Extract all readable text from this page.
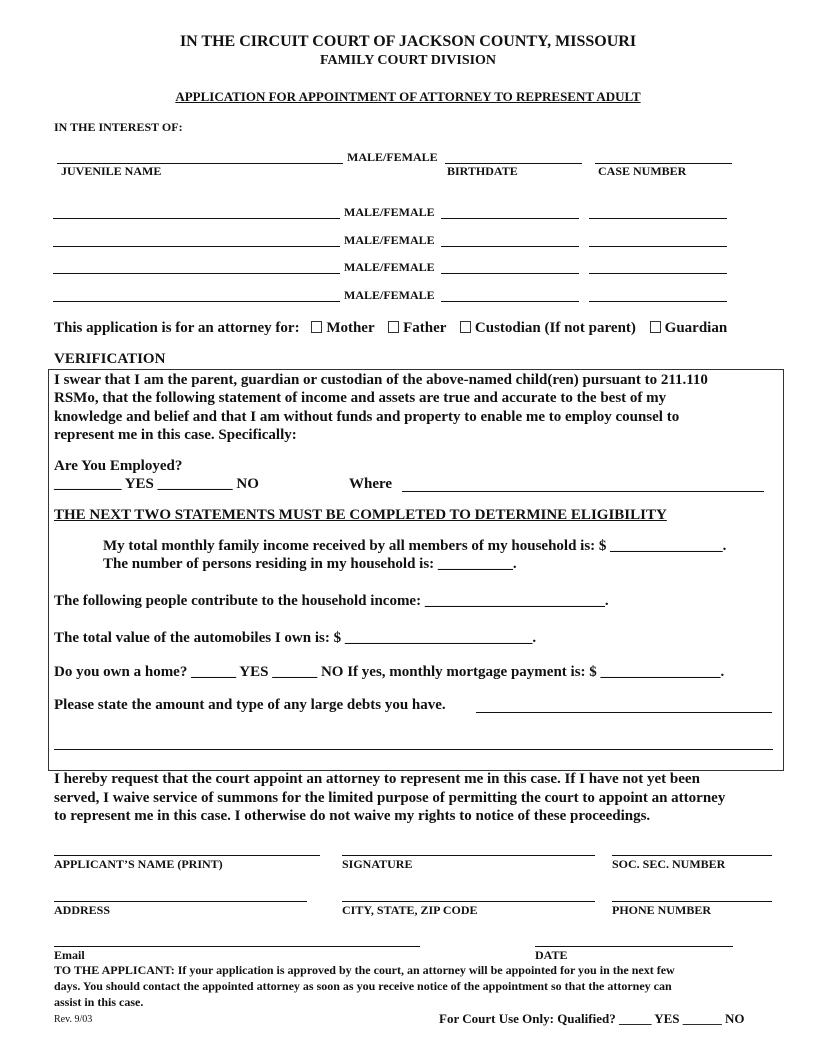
IN THE CIRCUIT COURT OF JACKSON COUNTY, MISSOURI
FAMILY COURT DIVISION
APPLICATION FOR APPOINTMENT OF ATTORNEY TO REPRESENT ADULT
IN THE INTEREST OF:
MALE/FEMALE
JUVENILE NAME	BIRTHDATE	CASE NUMBER
MALE/FEMALE
MALE/FEMALE
MALE/FEMALE
MALE/FEMALE
This application is for an attorney for: Mother Father Custodian (If not parent) Guardian
VERIFICATION
I swear that I am the parent, guardian or custodian of the above-named child(ren) pursuant to 211.110
RSMo, that the following statement of income and assets are true and accurate to the best of my
knowledge and belief and that I am without funds and property to enable me to employ counsel to
represent me in this case. Specifically:
Are You Employed?
_________ YES __________ NO	Where
THE NEXT TWO STATEMENTS MUST BE COMPLETED TO DETERMINE ELIGIBILITY
My total monthly family income received by all members of my household is: $ _______________.
The number of persons residing in my household is: __________.
The following people contribute to the household income: ________________________.
The total value of the automobiles I own is: $ _________________________.
Do you own a home? ______ YES ______ NO If yes, monthly mortgage payment is: $ ________________.
Please state the amount and type of any large debts you have.
I hereby request that the court appoint an attorney to represent me in this case. If I have not yet been
served, I waive service of summons for the limited purpose of permitting the court to appoint an attorney
to represent me in this case. I otherwise do not waive my rights to notice of these proceedings.
APPLICANT’S NAME (PRINT)	SIGNATURE	SOC. SEC. NUMBER
ADDRESS	CITY, STATE, ZIP CODE	PHONE NUMBER
Email	DATE
TO THE APPLICANT: If your application is approved by the court, an attorney will be appointed for you in the next few
days. You should contact the appointed attorney as soon as you receive notice of the appointment so that the attorney can
assist in this case.
Rev. 9/03	For Court Use Only: Qualified? _____ YES ______ NO
